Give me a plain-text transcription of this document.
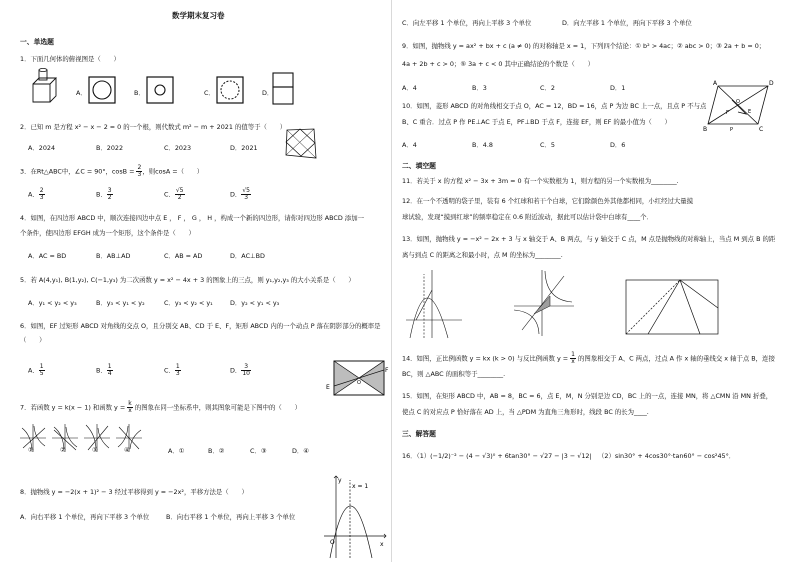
数学期末复习卷
一、单选题
1．下面几何体的俯视图是（　　）
A．	B．	C．	D．
2．已知 m 是方程 x² − x − 2 = 0 的一个根，则代数式 m² − m + 2021 的值等于（　　）
A．2024	B．2022	C．2023	D．2021
3．在Rt△ABC中，∠C = 90°，$\cos B = \frac{2}{3}$ ，则cosA =（　　）
A． $\frac{2}{3}$	B． $\frac{3}{2}$	C． $\frac{√5}{2}$	D． $\frac{√5}{3}$
4．如图，在四边形 ABCD 中，顺次连接四边中点 E ， F ， G ， H ，构成一个新的四边形，请你对四边形 ABCD 添加一
个条件，使四边形 EFGH 成为一个矩形，这个条件是（　　）
A．AC = BD	B．AB⊥AD	C．AB = AD	D．AC⊥BD
5．若 A(4,y₁), B(1,y₂), C(−1,y₃) 为二次函数 y = x² − 4x + 3 的图象上的三点，则 y₁,y₂,y₃ 的大小关系是（　　）
A．y₁ < y₂ < y₃	B．y₃ < y₁ < y₂	C．y₃ < y₂ < y₁	D．y₂ < y₁ < y₃
6．如图，EF 过矩形 ABCD 对角线的交点 O，且分别交 AB、CD 于 E、F，矩形 ABCD 内的一个动点 P 落在阴影部分的概率是
（　　）
A． $\frac{1}{5}$	B． $\frac{1}{4}$	C． $\frac{1}{3}$	D． $\frac{3}{10}$
E
F
O
7．若函数 y = k(x − 1) 和函数 $y = \frac{k}{x}$ 的图象在同一坐标系中，则其图象可能是下图中的（　　）
①	②	③	④	A．①	B．②	C．③	D．④
8．抛物线 y = −2(x + 1)² − 3 经过平移得到 y = −2x²，平移方法是（　　）
A．向右平移 1 个单位，再向下平移 3 个单位	B．向右平移 1 个单位，再向上平移 3 个单位
x = 1
x
y
O
C．向左平移 1 个单位，再向上平移 3 个单位	D．向左平移 1 个单位，再向下平移 3 个单位
9．如图，抛物线 y = ax² + bx + c (a ≠ 0) 的对称轴是 x = 1，下列四个结论：① b² > 4ac；② abc > 0；③ 2a + b = 0；
4a + 2b + c > 0；⑤ 3a + c < 0 其中正确结论的个数是（　　）
A．4	B．3	C．2	D．1
A	D
B	C
O
E
F
P
10．如图，菱形 ABCD 的对角线相交于点 O，AC = 12，BD = 16，点 P 为边 BC 上一点，且点 P 不与点
B、C 重合．过点 P 作 PE⊥AC 于点 E，PF⊥BD 于点 F，连接 EF，则 EF 的最小值为（　　）
A．4	B．4.8	C．5	D．6
二、填空题
11．若关于 x 的方程 x² − 3x + 3m = 0 有一个实数根为 1，则方程的另一个实数根为________.
12．在一个不透明的袋子里，装有 6 个红球和若干个白球，它们除颜色外其他都相同，小红经过大量摸
球试验，发现“摸到红球”的频率稳定在 0.6 附近波动，据此可以估计袋中白球有____个．
13．如图，抛物线 y = −x² − 2x + 3 与 x 轴交于 A、B 两点，与 y 轴交于 C 点，M 点是抛物线的对称轴上，当点 M 到点 B 的距
离与到点 C 的距离之和最小时，点 M 的坐标为________.
14．如图，正比例函数 y = kx (k > 0) 与反比例函数 $y = \frac{1}{x}$ 的图象相交于 A、C 两点，过点 A 作 x 轴的垂线交 x 轴于点 B，连接
BC，则 △ABC 的面积等于________.
15．如图，在矩形 ABCD 中，AB = 8，BC = 6，点 E，M，N 分别是边 CD，BC 上的一点，连接 MN，将 △CMN 沿 MN 折叠，
使点 C 的对应点 P 恰好落在 AD 上，当 △PDM 为直角三角形时，线段 BC 的长为____.
三、解答题
16．（1）(−1/2)⁻² − (4 − √3)⁰ + 6tan30° − √27 − |3 − √12| （2）sin30° + 4cos30°·tan60° − cos²45°．
